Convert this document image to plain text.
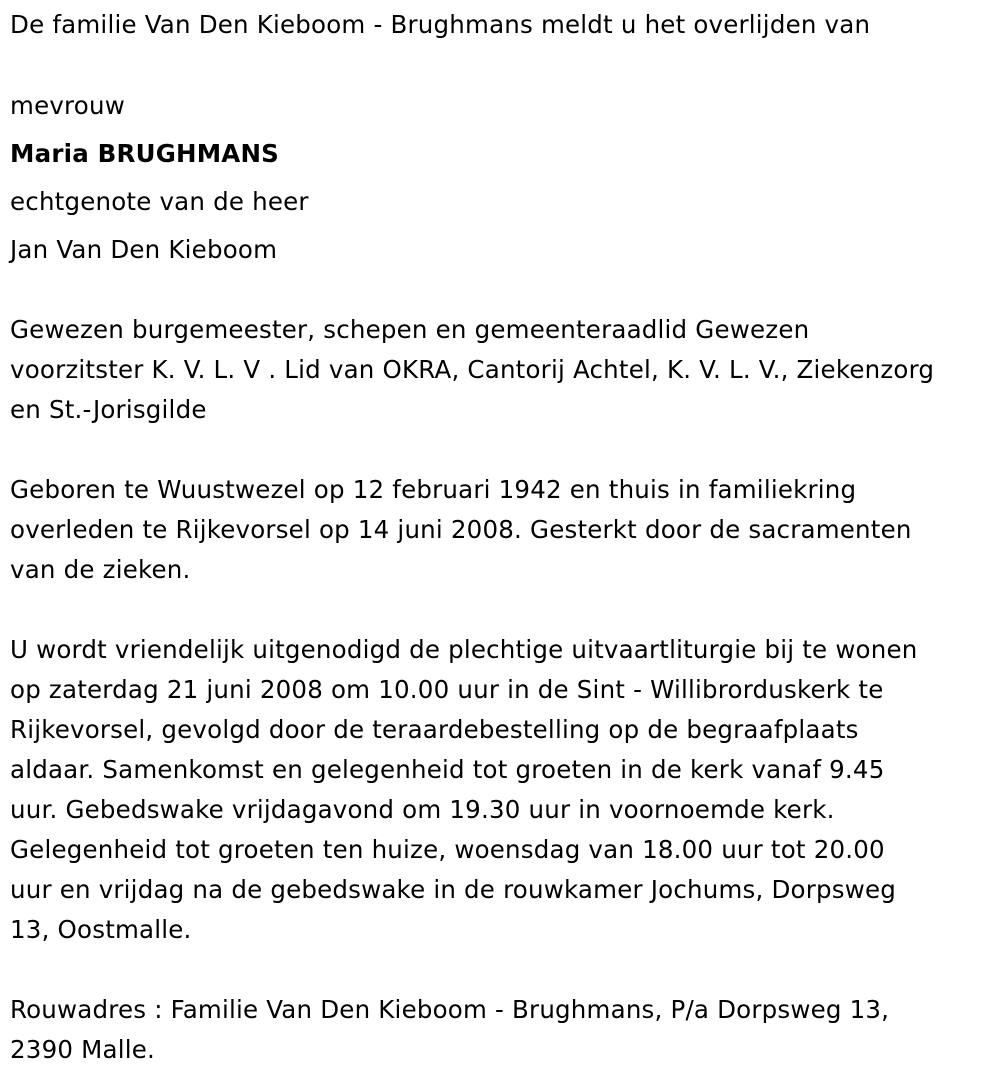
De familie Van Den Kieboom - Brughmans meldt u het overlijden van
mevrouw
Maria BRUGHMANS
echtgenote van de heer
Jan Van Den Kieboom
Gewezen burgemeester, schepen en gemeenteraadlid Gewezen
voorzitster K. V. L. V . Lid van OKRA, Cantorij Achtel, K. V. L. V., Ziekenzorg
en St.-Jorisgilde
Geboren te Wuustwezel op 12 februari 1942 en thuis in familiekring
overleden te Rijkevorsel op 14 juni 2008. Gesterkt door de sacramenten
van de zieken.
U wordt vriendelijk uitgenodigd de plechtige uitvaartliturgie bij te wonen
op zaterdag 21 juni 2008 om 10.00 uur in de Sint - Willibrorduskerk te
Rijkevorsel, gevolgd door de teraardebestelling op de begraafplaats
aldaar. Samenkomst en gelegenheid tot groeten in de kerk vanaf 9.45
uur. Gebedswake vrijdagavond om 19.30 uur in voornoemde kerk.
Gelegenheid tot groeten ten huize, woensdag van 18.00 uur tot 20.00
uur en vrijdag na de gebedswake in de rouwkamer Jochums, Dorpsweg
13, Oostmalle.
Rouwadres : Familie Van Den Kieboom - Brughmans, P/a Dorpsweg 13,
2390 Malle.
